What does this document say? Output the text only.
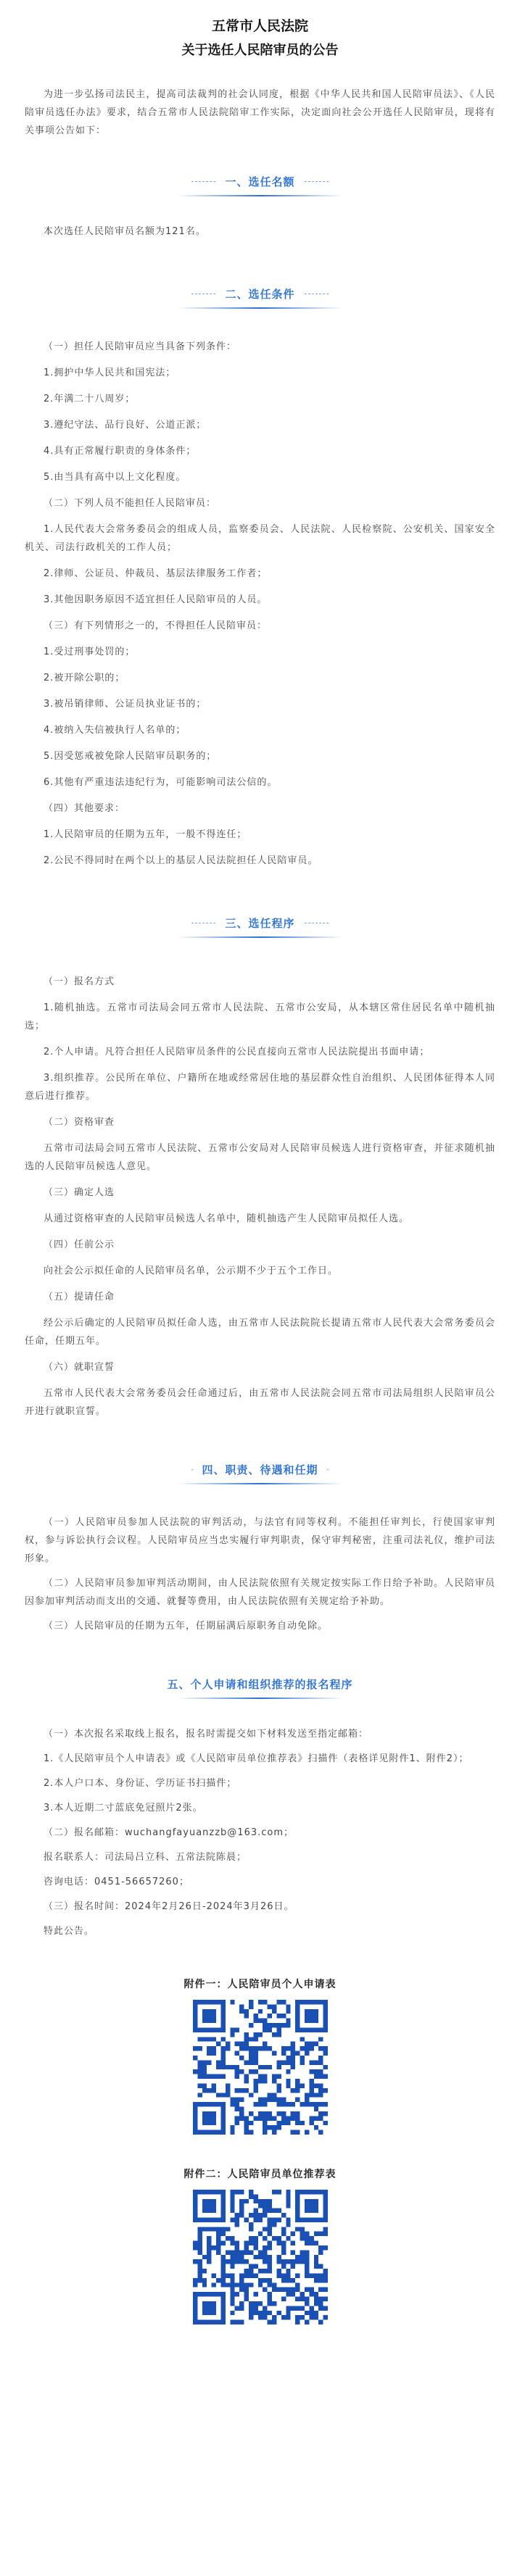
五常市人民法院
关于选任人民陪审员的公告

为进一步弘扬司法民主，提高司法裁判的社会认同度，根据《中华人民共和国人民陪审员法》、《人民陪审员选任办法》要求，结合五常市人民法院陪审工作实际，决定面向社会公开选任人民陪审员，现将有关事项公告如下：

一、选任名额

本次选任人民陪审员名额为121名。

二、选任条件

（一）担任人民陪审员应当具备下列条件：

1.拥护中华人民共和国宪法；

2.年满二十八周岁；

3.遵纪守法、品行良好、公道正派；

4.具有正常履行职责的身体条件；

5.由当具有高中以上文化程度。

（二）下列人员不能担任人民陪审员：

1.人民代表大会常务委员会的组成人员，监察委员会、人民法院、人民检察院、公安机关、国家安全机关、司法行政机关的工作人员；

2.律师、公证员、仲裁员、基层法律服务工作者；

3.其他因职务原因不适宜担任人民陪审员的人员。

（三）有下列情形之一的，不得担任人民陪审员：

1.受过刑事处罚的；

2.被开除公职的；

3.被吊销律师、公证员执业证书的；

4.被纳入失信被执行人名单的；

5.因受惩戒被免除人民陪审员职务的；

6.其他有严重违法违纪行为，可能影响司法公信的。

（四）其他要求：

1.人民陪审员的任期为五年，一般不得连任；

2.公民不得同时在两个以上的基层人民法院担任人民陪审员。

三、选任程序

（一）报名方式

1.随机抽选。五常市司法局会同五常市人民法院、五常市公安局，从本辖区常住居民名单中随机抽选；

2.个人申请。凡符合担任人民陪审员条件的公民直接向五常市人民法院提出书面申请；

3.组织推荐。公民所在单位、户籍所在地或经常居住地的基层群众性自治组织、人民团体征得本人同意后进行推荐。

（二）资格审查

五常市司法局会同五常市人民法院、五常市公安局对人民陪审员候选人进行资格审查，并征求随机抽选的人民陪审员候选人意见。

（三）确定人选

从通过资格审查的人民陪审员候选人名单中，随机抽选产生人民陪审员拟任人选。

（四）任前公示

向社会公示拟任命的人民陪审员名单，公示期不少于五个工作日。

（五）提请任命

经公示后确定的人民陪审员拟任命人选，由五常市人民法院院长提请五常市人民代表大会常务委员会任命，任期五年。

（六）就职宣誓

五常市人民代表大会常务委员会任命通过后，由五常市人民法院会同五常市司法局组织人民陪审员公开进行就职宣誓。

四、职责、待遇和任期

（一）人民陪审员参加人民法院的审判活动，与法官有同等权利。不能担任审判长，行使国家审判权，参与诉讼执行会议程。人民陪审员应当忠实履行审判职责，保守审判秘密，注重司法礼仪，维护司法形象。

（二）人民陪审员参加审判活动期间，由人民法院依照有关规定按实际工作日给予补助。人民陪审员因参加审判活动而支出的交通、就餐等费用，由人民法院依照有关规定给予补助。

（三）人民陪审员的任期为五年，任期届满后原职务自动免除。

五、个人申请和组织推荐的报名程序

（一）本次报名采取线上报名，报名时需提交如下材料发送至指定邮箱：

1.《人民陪审员个人申请表》或《人民陪审员单位推荐表》扫描件（表格详见附件1、附件2）；

2.本人户口本、身份证、学历证书扫描件；

3.本人近期二寸蓝底免冠照片2张。

（二）报名邮箱：wuchangfayuanzzb@163.com；

报名联系人：司法局吕立科、五常法院陈晨；

咨询电话：0451-56657260；

（三）报名时间：2024年2月26日-2024年3月26日。

特此公告。

附件一：人民陪审员个人申请表

附件二：人民陪审员单位推荐表
